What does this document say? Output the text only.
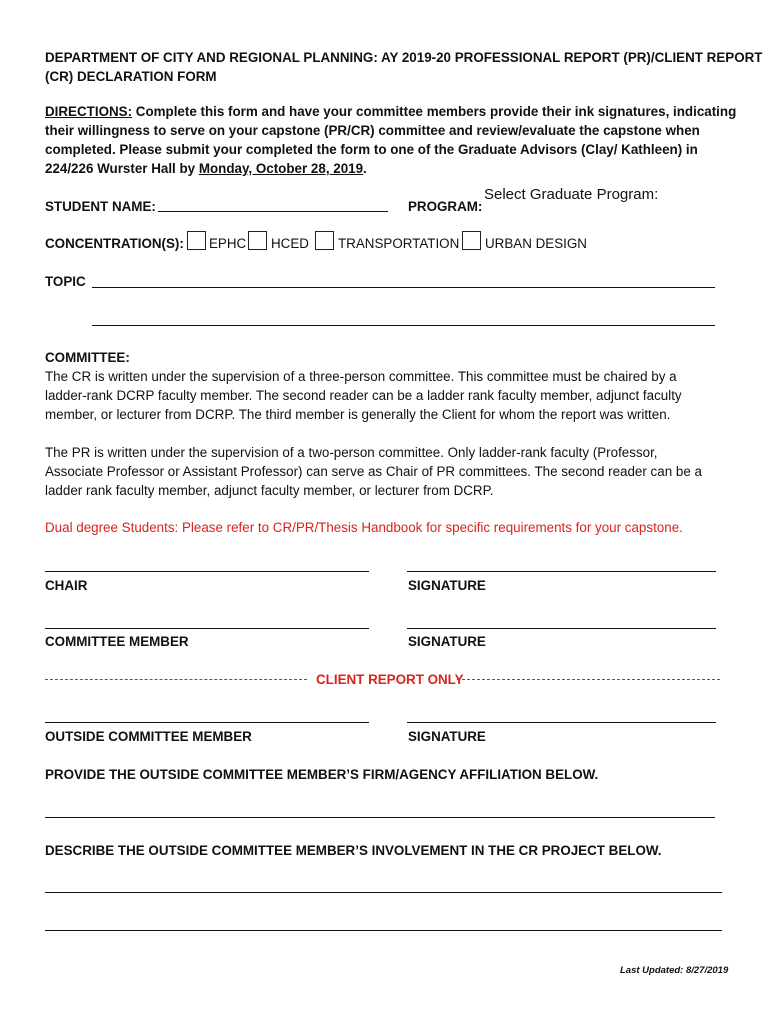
DEPARTMENT OF CITY AND REGIONAL PLANNING: AY 2019-20 PROFESSIONAL REPORT (PR)/CLIENT REPORT
(CR) DECLARATION FORM
DIRECTIONS: Complete this form and have your committee members provide their ink signatures, indicating
their willingness to serve on your capstone (PR/CR) committee and review/evaluate the capstone when
completed. Please submit your completed the form to one of the Graduate Advisors (Clay/ Kathleen) in
224/226 Wurster Hall by Monday, October 28, 2019.
STUDENT NAME:	PROGRAM:
Select Graduate Program:
CONCENTRATION(S): EPHC HCED TRANSPORTATION URBAN DESIGN
TOPIC
COMMITTEE:
The CR is written under the supervision of a three-person committee. This committee must be chaired by a
ladder-rank DCRP faculty member. The second reader can be a ladder rank faculty member, adjunct faculty
member, or lecturer from DCRP. The third member is generally the Client for whom the report was written.
The PR is written under the supervision of a two-person committee. Only ladder-rank faculty (Professor,
Associate Professor or Assistant Professor) can serve as Chair of PR committees. The second reader can be a
ladder rank faculty member, adjunct faculty member, or lecturer from DCRP.
Dual degree Students: Please refer to CR/PR/Thesis Handbook for specific requirements for your capstone.
CHAIR	SIGNATURE
COMMITTEE MEMBER	SIGNATURE
CLIENT REPORT ONLY
OUTSIDE COMMITTEE MEMBER	SIGNATURE
PROVIDE THE OUTSIDE COMMITTEE MEMBER’S FIRM/AGENCY AFFILIATION BELOW.
DESCRIBE THE OUTSIDE COMMITTEE MEMBER’S INVOLVEMENT IN THE CR PROJECT BELOW.
Last Updated: 8/27/2019
